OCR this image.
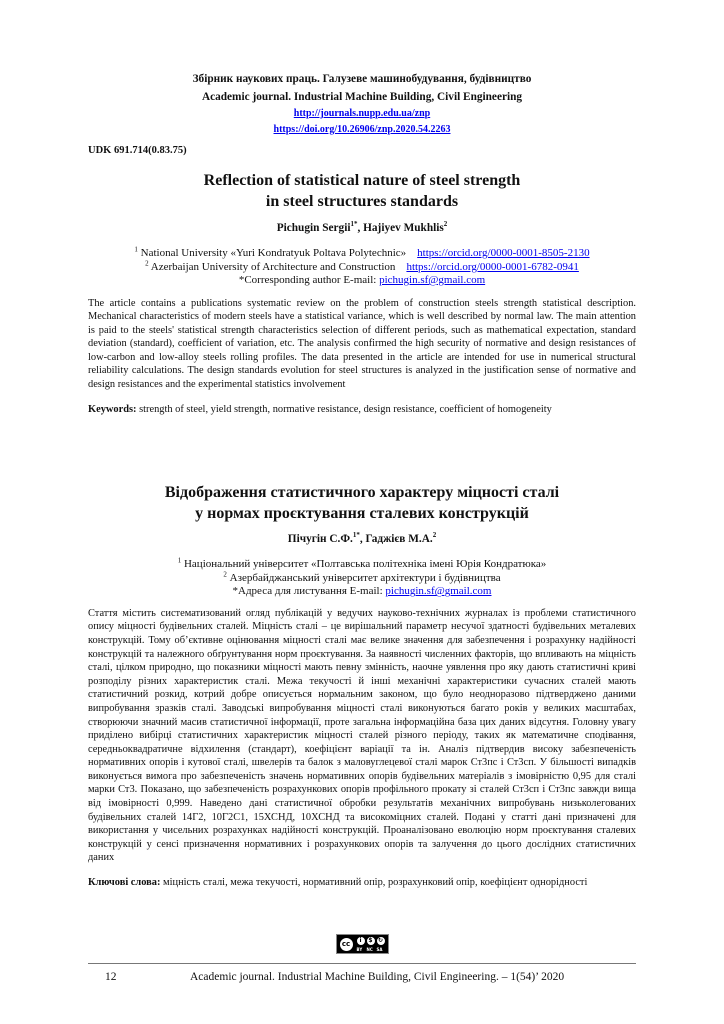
Збірник наукових праць. Галузеве машинобудування, будівництво
Academic journal. Industrial Machine Building, Civil Engineering
http://journals.nupp.edu.ua/znp
https://doi.org/10.26906/znp.2020.54.2263
UDK 691.714(0.83.75)
Reflection of statistical nature of steel strength
in steel structures standards
Pichugin Sergii$^{1*}$, Hajiyev Mukhlis$^2$
$^1$ National University «Yuri Kondratyuk Poltava Polytechnic» https://orcid.org/0000-0001-8505-2130
$^2$ Azerbaijan University of Architecture and Construction https://orcid.org/0000-0001-6782-0941
*Corresponding author E-mail: pichugin.sf@gmail.com
The article contains a publications systematic review on the problem of construction steels strength statistical description. Mechanical characteristics of modern steels have a statistical variance, which is well described by normal law. The main attention is paid to the steels' statistical strength characteristics selection of different periods, such as mathematical expectation, standard deviation (standard), coefficient of variation, etc. The analysis confirmed the high security of normative and design resistances of low-carbon and low-alloy steels rolling profiles. The data presented in the article are intended for use in numerical structural reliability calculations. The design standards evolution for steel structures is analyzed in the justification sense of normative and design resistances and the experimental statistics involvement
Keywords: strength of steel, yield strength, normative resistance, design resistance, coefficient of homogeneity
Відображення статистичного характеру міцності сталі
у нормах проєктування сталевих конструкцій
Пічугін С.Ф.$^{1*}$, Гаджієв М.А.$^2$
$^1$ Національний університет «Полтавська політехніка імені Юрія Кондратюка»
$^2$ Азербайджанський університет архітектури і будівництва
*Адреса для листування E-mail: pichugin.sf@gmail.com
Стаття містить систематизований огляд публікацій у ведучих науково-технічних журналах із проблеми статистичного опису міцності будівельних сталей. Міцність сталі – це вирішальний параметр несучої здатності будівельних металевих конструкцій. Тому об’єктивне оцінювання міцності сталі має велике значення для забезпечення і розрахунку надійності конструкцій та належного обґрунтування норм проєктування. За наявності численних факторів, що впливають на міцність сталі, цілком природно, що показники міцності мають певну змінність, наочне уявлення про яку дають статистичні криві розподілу різних характеристик сталі. Межа текучості й інші механічні характеристики сучасних сталей мають статистичний розкид, котрий добре описується нормальним законом, що було неодноразово підтверджено даними випробування зразків сталі. Заводські випробування міцності сталі виконуються багато років у великих масштабах, створюючи значний масив статистичної інформації, проте загальна інформаційна база цих даних відсутня. Головну увагу приділено вибірці статистичних характеристик міцності сталей різного періоду, таких як математичне сподівання, середньоквадратичне відхилення (стандарт), коефіцієнт варіації та ін. Аналіз підтвердив високу забезпеченість нормативних опорів і кутової сталі, швелерів та балок з маловуглецевої сталі марок Ст3пс і Ст3сп. У більшості випадків виконується вимога про забезпеченість значень нормативних опорів будівельних матеріалів з імовірністю 0,95 для сталі марки Ст3. Показано, що забезпеченість розрахункових опорів профільного прокату зі сталей Ст3сп і Ст3пс завжди вища від імовірності 0,999. Наведено дані статистичної обробки результатів механічних випробувань низьколегованих будівельних сталей 14Г2, 10Г2С1, 15ХСНД, 10ХСНД та високоміцних сталей. Подані у статті дані призначені для використання у чисельних розрахунках надійності конструкцій. Проаналізовано еволюцію норм проєктування сталевих конструкцій у сенсі призначення нормативних і розрахункових опорів та залучення до цього дослідних статистичних даних
Ключові слова: міцність сталі, межа текучості, нормативний опір, розрахунковий опір, коефіцієнт однорідності
cc	i	$ ↻
BY NC SA
12	Academic journal. Industrial Machine Building, Civil Engineering. – 1(54)’ 2020
